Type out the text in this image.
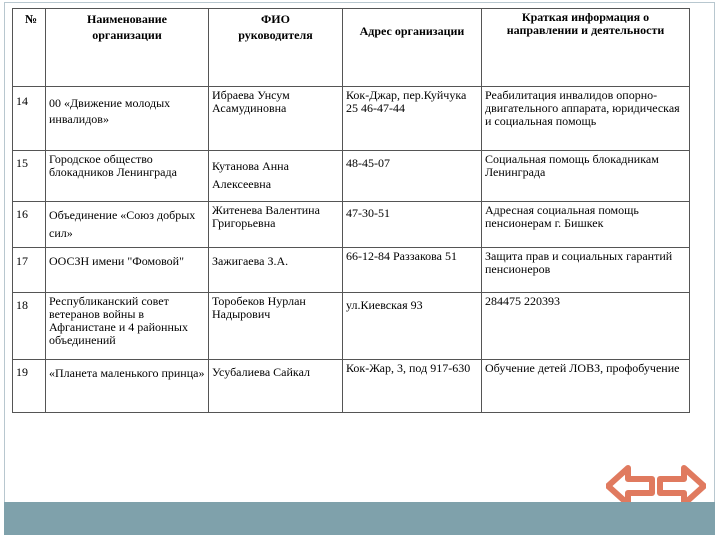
№	Наименование организации	ФИО руководителя	Адрес организации	Краткая информация о направлении и деятельности
14	00 «Движение молодых инвалидов»	Ибраева Унсум Асамудиновна	Кок-Джар, пер.Куйчука 25 46-47-44	Реабилитация инвалидов опорно-двигательного аппарата, юридическая и социальная помощь
15	Городское общество блокадников Ленинграда	Кутанова Анна Алексеевна	48-45-07	Социальная помощь блокадникам Ленинграда
16	Объединение «Союз добрых сил»	Житенева Валентина Григорьевна	47-30-51	Адресная социальная помощь пенсионерам г. Бишкек
17	ООСЗН имени "Фомовой"	Зажигаева З.А.	66-12-84 Раззакова 51	Защита прав и социальных гарантий пенсионеров
18	Республиканский совет ветеранов войны в Афганистане и 4 районных объединений	Торобеков Нурлан Надырович	ул.Киевская 93	284475 220393
19	«Планета маленького принца»	Усубалиева Сайкал	Кок-Жар, 3, под 917-630	Обучение детей ЛОВЗ, профобучение
